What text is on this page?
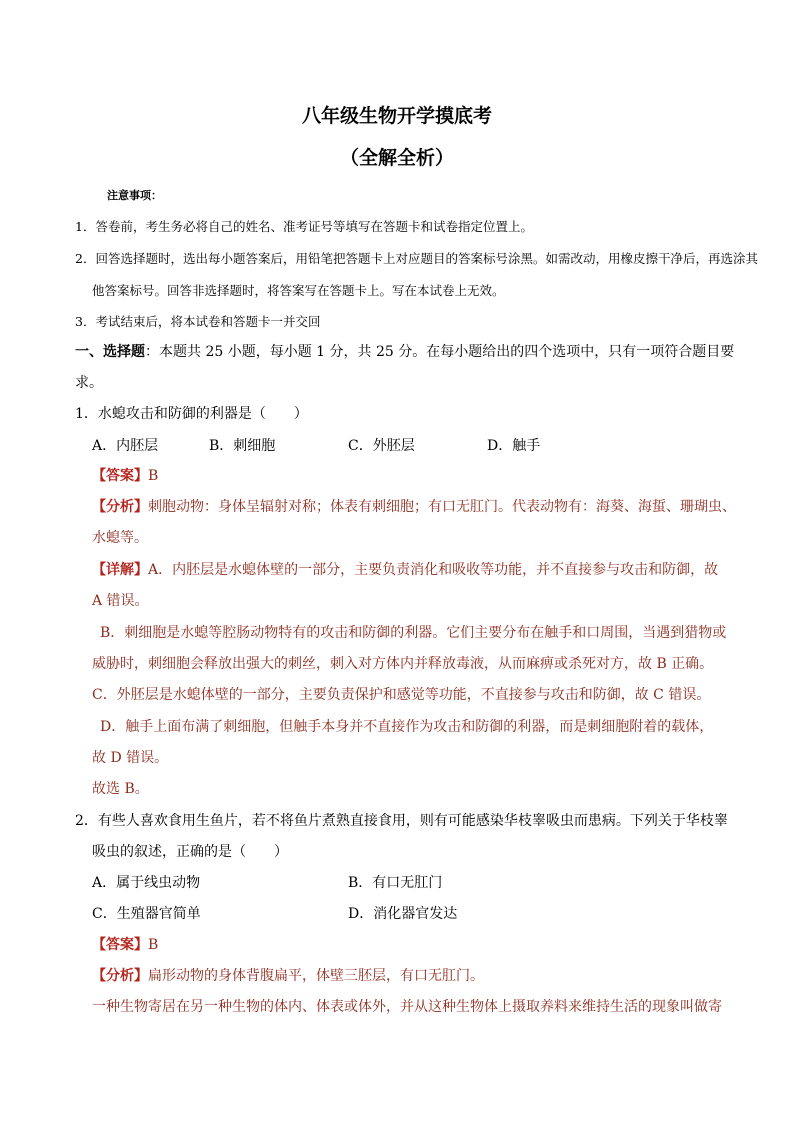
八年级生物开学摸底考
（全解全析）
注意事项：
1．答卷前，考生务必将自己的姓名、准考证号等填写在答题卡和试卷指定位置上。
2．回答选择题时，选出每小题答案后，用铅笔把答题卡上对应题目的答案标号涂黑。如需改动，用橡皮擦干净后，再选涂其
他答案标号。回答非选择题时，将答案写在答题卡上。写在本试卷上无效。
3．考试结束后，将本试卷和答题卡一并交回
一、选择题：本题共 25 小题，每小题 1 分，共 25 分。在每小题给出的四个选项中，只有一项符合题目要
求。
1．水螅攻击和防御的利器是（　　）
A．内胚层	B．刺细胞	C．外胚层	D．触手
【答案】B
【分析】刺胞动物：身体呈辐射对称；体表有刺细胞；有口无肛门。代表动物有：海葵、海蜇、珊瑚虫、
水螅等。
【详解】A．内胚层是水螅体壁的一部分，主要负责消化和吸收等功能，并不直接参与攻击和防御，故
A 错误。
B．刺细胞是水螅等腔肠动物特有的攻击和防御的利器。它们主要分布在触手和口周围，当遇到猎物或
威胁时，刺细胞会释放出强大的刺丝，刺入对方体内并释放毒液，从而麻痹或杀死对方，故 B 正确。
C．外胚层是水螅体壁的一部分，主要负责保护和感觉等功能，不直接参与攻击和防御，故 C 错误。
D．触手上面布满了刺细胞，但触手本身并不直接作为攻击和防御的利器，而是刺细胞附着的载体，
故 D 错误。
故选 B。
2．有些人喜欢食用生鱼片，若不将鱼片煮熟直接食用，则有可能感染华枝睾吸虫而患病。下列关于华枝睾
吸虫的叙述，正确的是（　　）
A．属于线虫动物	B．有口无肛门
C．生殖器官简单	D．消化器官发达
【答案】B
【分析】扁形动物的身体背腹扁平，体壁三胚层，有口无肛门。
一种生物寄居在另一种生物的体内、体表或体外，并从这种生物体上摄取养料来维持生活的现象叫做寄
